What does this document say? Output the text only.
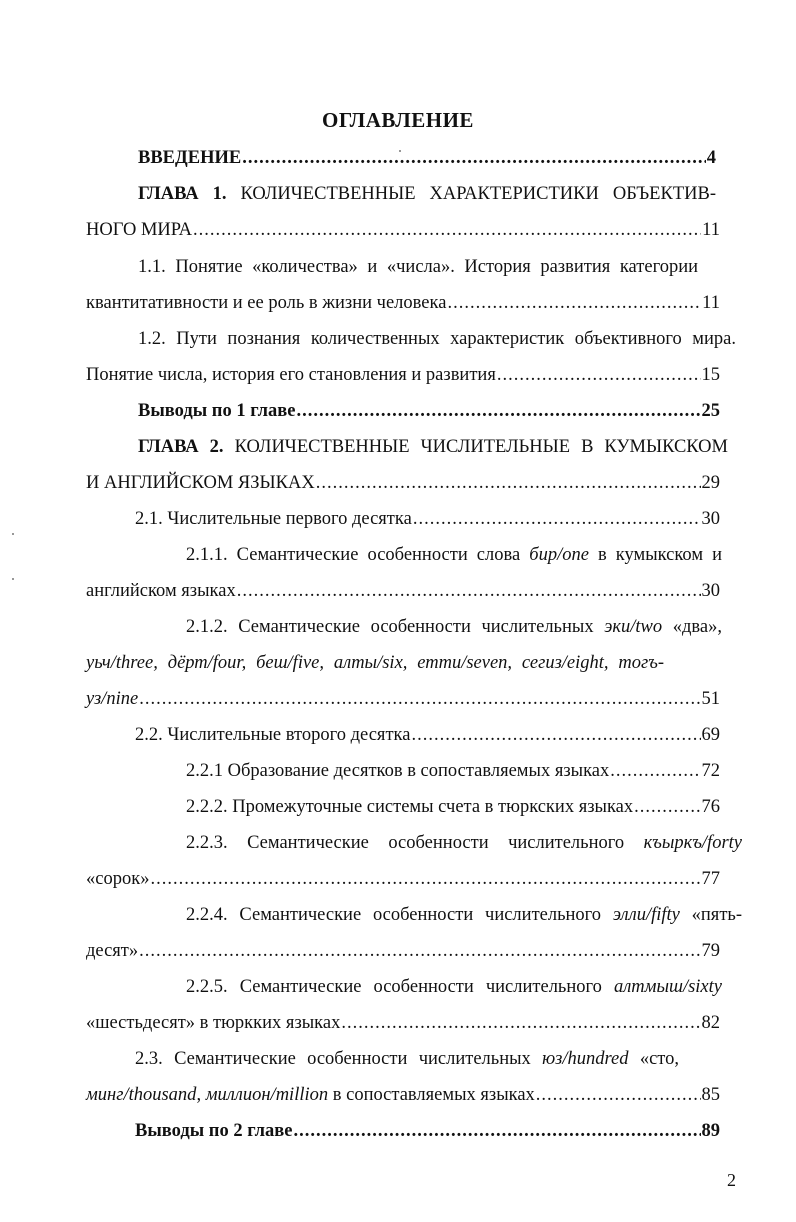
ОГЛАВЛЕНИЕ
ВВЕДЕНИЕ .....	4
ГЛАВА 1. КОЛИЧЕСТВЕННЫЕ ХАРАКТЕРИСТИКИ ОБЪЕКТИВ-
НОГО МИРА .....	11
1.1. Понятие «количества» и «числа». История развития категории
квантитативности и ее роль в жизни человека .....	11
1.2. Пути познания количественных характеристик объективного мира.
Понятие числа, история его становления и развития .....	15
Выводы по 1 главе .....	25
ГЛАВА 2. КОЛИЧЕСТВЕННЫЕ ЧИСЛИТЕЛЬНЫЕ В КУМЫКСКОМ
И АНГЛИЙСКОМ ЯЗЫКАХ .....	29
2.1. Числительные первого десятка .....	30
2.1.1. Семантические особенности слова бир/one в кумыкском и
английском языках .....	30
2.1.2. Семантические особенности числительных эки/two «два»,
уьч/three, дёрт/four, беш/five, алты/six, етти/seven, сегиз/eight, тогъ-
уз/nine .....	51
2.2. Числительные второго десятка .....	69
2.2.1 Образование десятков в сопоставляемых языках .....	72
2.2.2. Промежуточные системы счета в тюркских языках .....	76
2.2.3. Семантические особенности числительного къыркъ/forty
«сорок» .....	77
2.2.4. Семантические особенности числительного элли/fifty «пять-
десят» .....	79
2.2.5. Семантические особенности числительного алтмыш/sixty
«шестьдесят» в тюркких языках .....	82
2.3. Семантические особенности числительных юз/hundred «сто,
минг/thousand, миллион/million в сопоставляемых языках .....	85
Выводы по 2 главе .....	89
2
